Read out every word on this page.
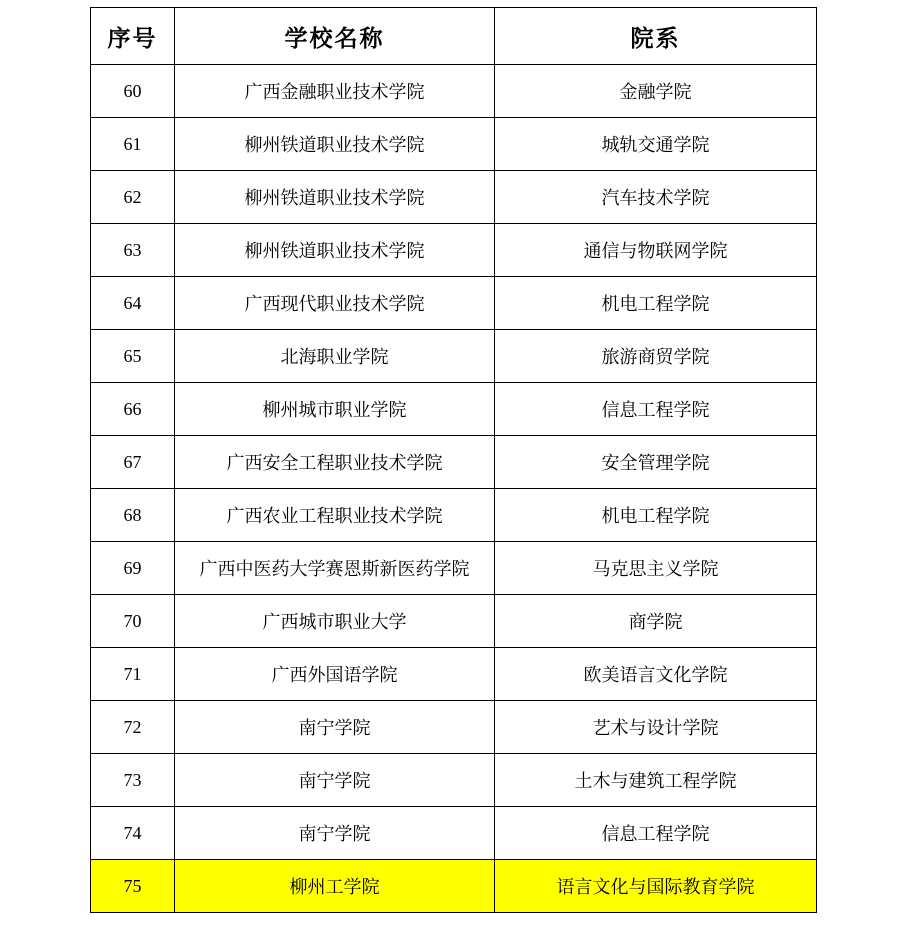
序号	学校名称	院系
60	广西金融职业技术学院	金融学院
61	柳州铁道职业技术学院	城轨交通学院
62	柳州铁道职业技术学院	汽车技术学院
63	柳州铁道职业技术学院	通信与物联网学院
64	广西现代职业技术学院	机电工程学院
65	北海职业学院	旅游商贸学院
66	柳州城市职业学院	信息工程学院
67	广西安全工程职业技术学院	安全管理学院
68	广西农业工程职业技术学院	机电工程学院
69	广西中医药大学赛恩斯新医药学院	马克思主义学院
70	广西城市职业大学	商学院
71	广西外国语学院	欧美语言文化学院
72	南宁学院	艺术与设计学院
73	南宁学院	土木与建筑工程学院
74	南宁学院	信息工程学院
75	柳州工学院	语言文化与国际教育学院
